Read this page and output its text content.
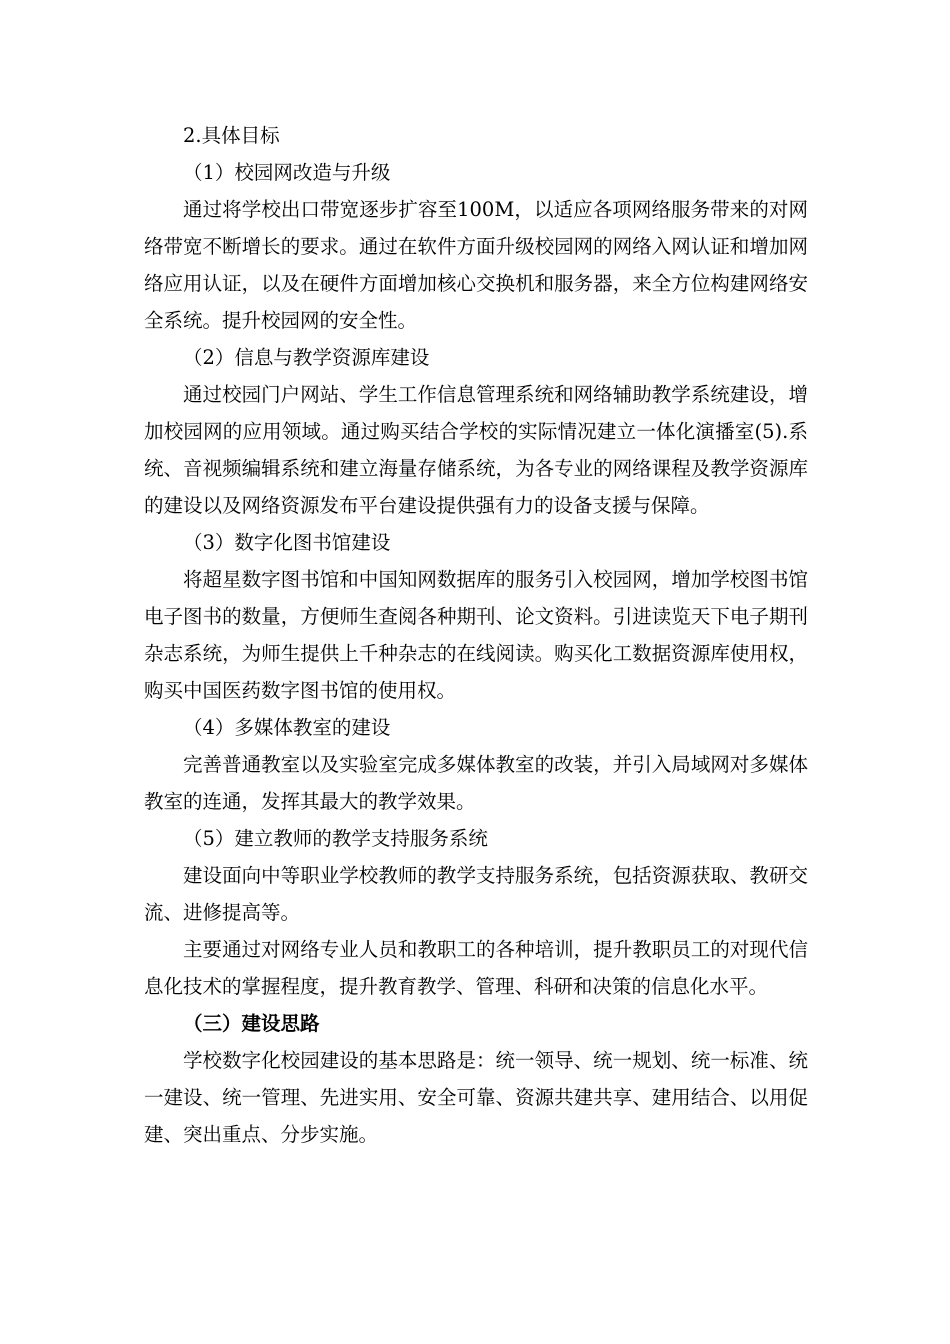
2.具体目标

（1）校园网改造与升级

通过将学校出口带宽逐步扩容至100M，以适应各项网络服务带来的对网络带宽不断增长的要求。通过在软件方面升级校园网的网络入网认证和增加网络应用认证，以及在硬件方面增加核心交换机和服务器，来全方位构建网络安全系统。提升校园网的安全性。

（2）信息与教学资源库建设

通过校园门户网站、学生工作信息管理系统和网络辅助教学系统建设，增加校园网的应用领域。通过购买结合学校的实际情况建立一体化演播室(5).系统、音视频编辑系统和建立海量存储系统，为各专业的网络课程及教学资源库的建设以及网络资源发布平台建设提供强有力的设备支援与保障。

（3）数字化图书馆建设

将超星数字图书馆和中国知网数据库的服务引入校园网，增加学校图书馆电子图书的数量，方便师生查阅各种期刊、论文资料。引进读览天下电子期刊杂志系统，为师生提供上千种杂志的在线阅读。购买化工数据资源库使用权，购买中国医药数字图书馆的使用权。

（4）多媒体教室的建设

完善普通教室以及实验室完成多媒体教室的改装，并引入局域网对多媒体教室的连通，发挥其最大的教学效果。

（5）建立教师的教学支持服务系统

建设面向中等职业学校教师的教学支持服务系统，包括资源获取、教研交流、进修提高等。

主要通过对网络专业人员和教职工的各种培训，提升教职员工的对现代信息化技术的掌握程度，提升教育教学、管理、科研和决策的信息化水平。

（三）建设思路

学校数字化校园建设的基本思路是：统一领导、统一规划、统一标准、统一建设、统一管理、先进实用、安全可靠、资源共建共享、建用结合、以用促建、突出重点、分步实施。
